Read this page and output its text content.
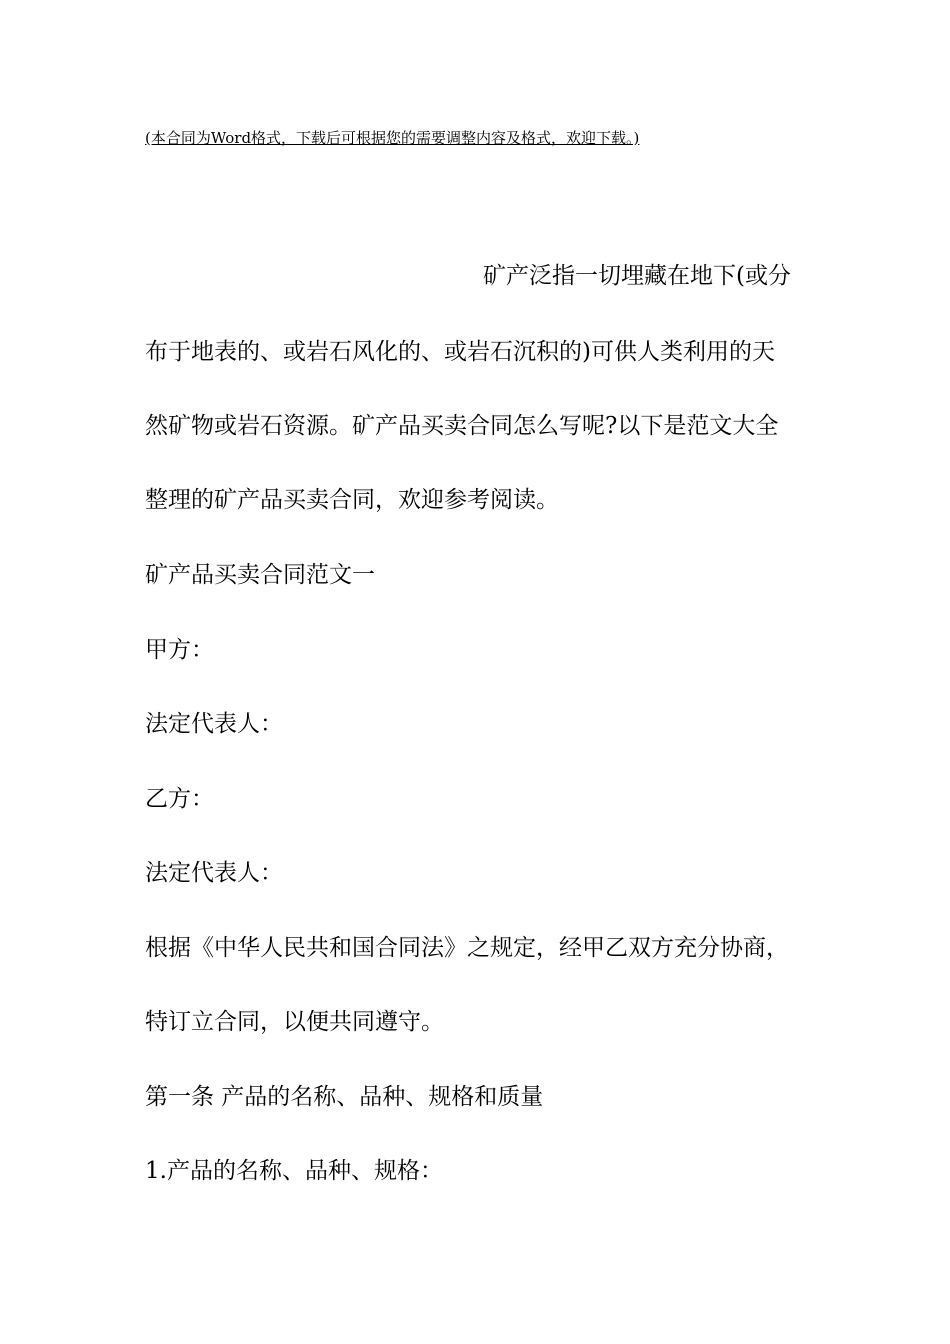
(本合同为Word格式，下载后可根据您的需要调整内容及格式，欢迎下载。)
矿产泛指一切埋藏在地下(或分
布于地表的、或岩石风化的、或岩石沉积的)可供人类利用的天
然矿物或岩石资源。矿产品买卖合同怎么写呢?以下是范文大全
整理的矿产品买卖合同，欢迎参考阅读。
矿产品买卖合同范文一
甲方：
法定代表人：
乙方：
法定代表人：
根据《中华人民共和国合同法》之规定，经甲乙双方充分协商，
特订立合同，以便共同遵守。
第一条 产品的名称、品种、规格和质量
1.产品的名称、品种、规格：
